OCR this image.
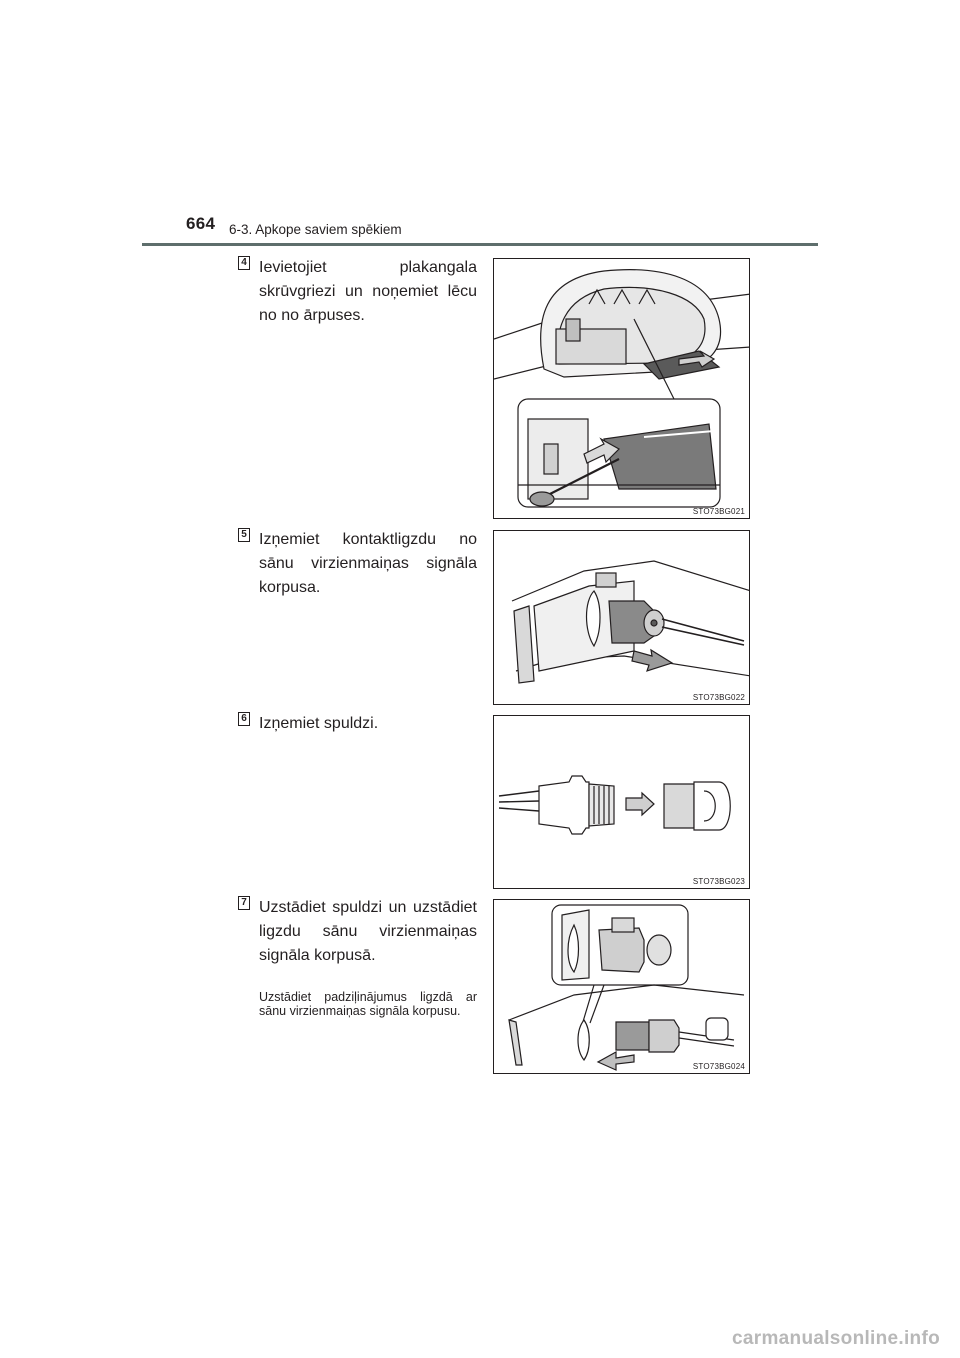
664 6-3. Apkope saviem spēkiem
4 Ievietojiet plakangala skrūvgriezi un noņemiet lēcu no no ārpuses.
STO73BG021
5 Izņemiet kontaktligzdu no sānu virzienmaiņas signāla korpusa.
STO73BG022
6 Izņemiet spuldzi.
STO73BG023
7 Uzstādiet spuldzi un uzstādiet ligzdu sānu virzienmaiņas signāla korpusā.
Uzstādiet padziļinājumus ligzdā ar sānu virzienmaiņas signāla korpusu.
STO73BG024
carmanualsonline.info
